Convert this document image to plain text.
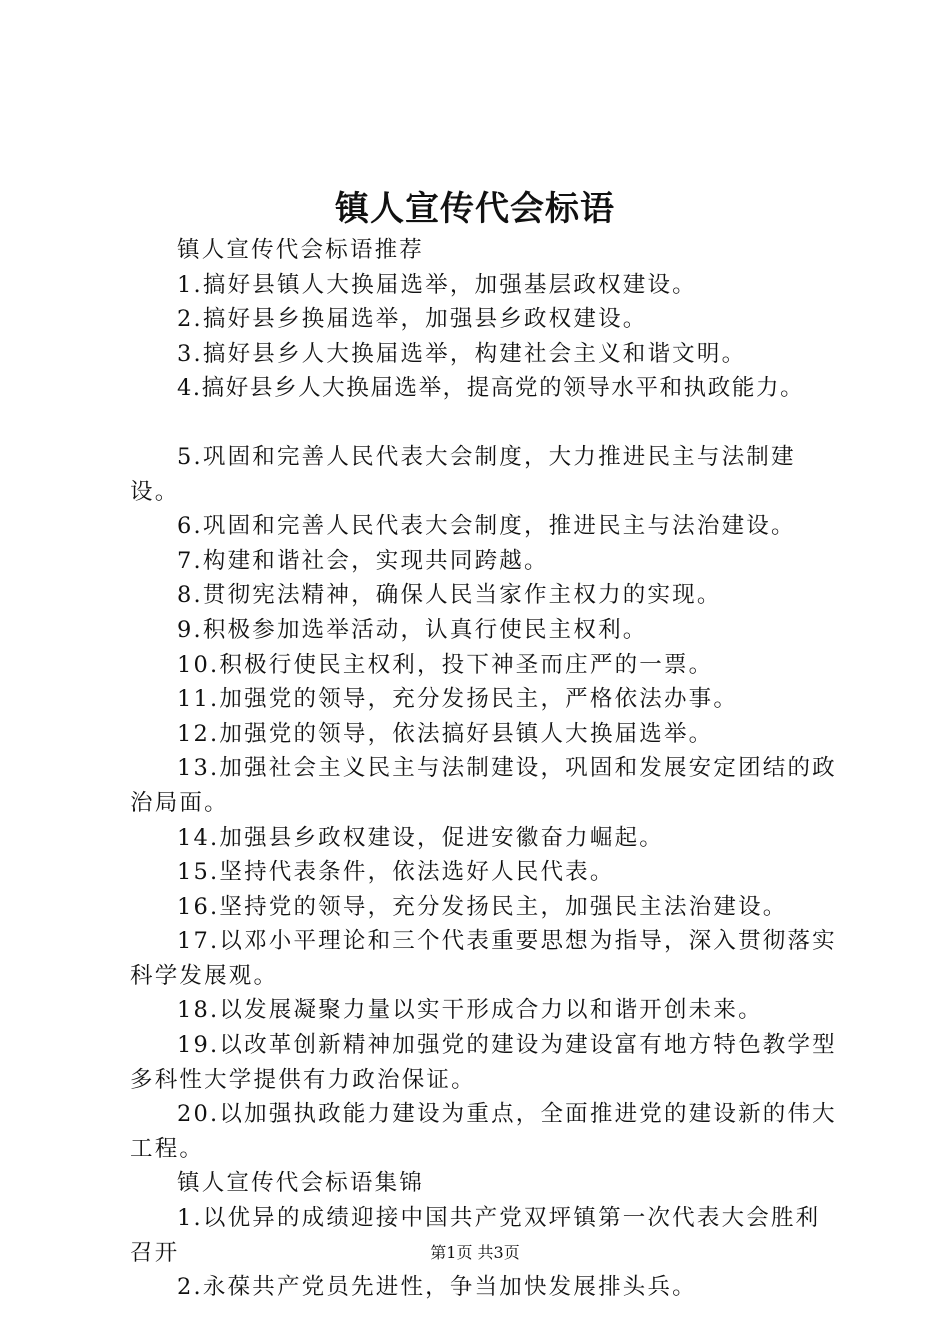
镇人宣传代会标语

镇人宣传代会标语推荐

1.搞好县镇人大换届选举，加强基层政权建设。

2.搞好县乡换届选举，加强县乡政权建设。

3.搞好县乡人大换届选举，构建社会主义和谐文明。

4.搞好县乡人大换届选举，提高党的领导水平和执政能力。

5.巩固和完善人民代表大会制度，大力推进民主与法制建设。

6.巩固和完善人民代表大会制度，推进民主与法治建设。

7.构建和谐社会，实现共同跨越。

8.贯彻宪法精神，确保人民当家作主权力的实现。

9.积极参加选举活动，认真行使民主权利。

10.积极行使民主权利，投下神圣而庄严的一票。

11.加强党的领导，充分发扬民主，严格依法办事。

12.加强党的领导，依法搞好县镇人大换届选举。

13.加强社会主义民主与法制建设，巩固和发展安定团结的政治局面。

14.加强县乡政权建设，促进安徽奋力崛起。

15.坚持代表条件，依法选好人民代表。

16.坚持党的领导，充分发扬民主，加强民主法治建设。

17.以邓小平理论和三个代表重要思想为指导，深入贯彻落实科学发展观。

18.以发展凝聚力量以实干形成合力以和谐开创未来。

19.以改革创新精神加强党的建设为建设富有地方特色教学型多科性大学提供有力政治保证。

20.以加强执政能力建设为重点，全面推进党的建设新的伟大工程。

镇人宣传代会标语集锦

1.以优异的成绩迎接中国共产党双坪镇第一次代表大会胜利召开

2.永葆共产党员先进性，争当加快发展排头兵。

第1页 共3页
